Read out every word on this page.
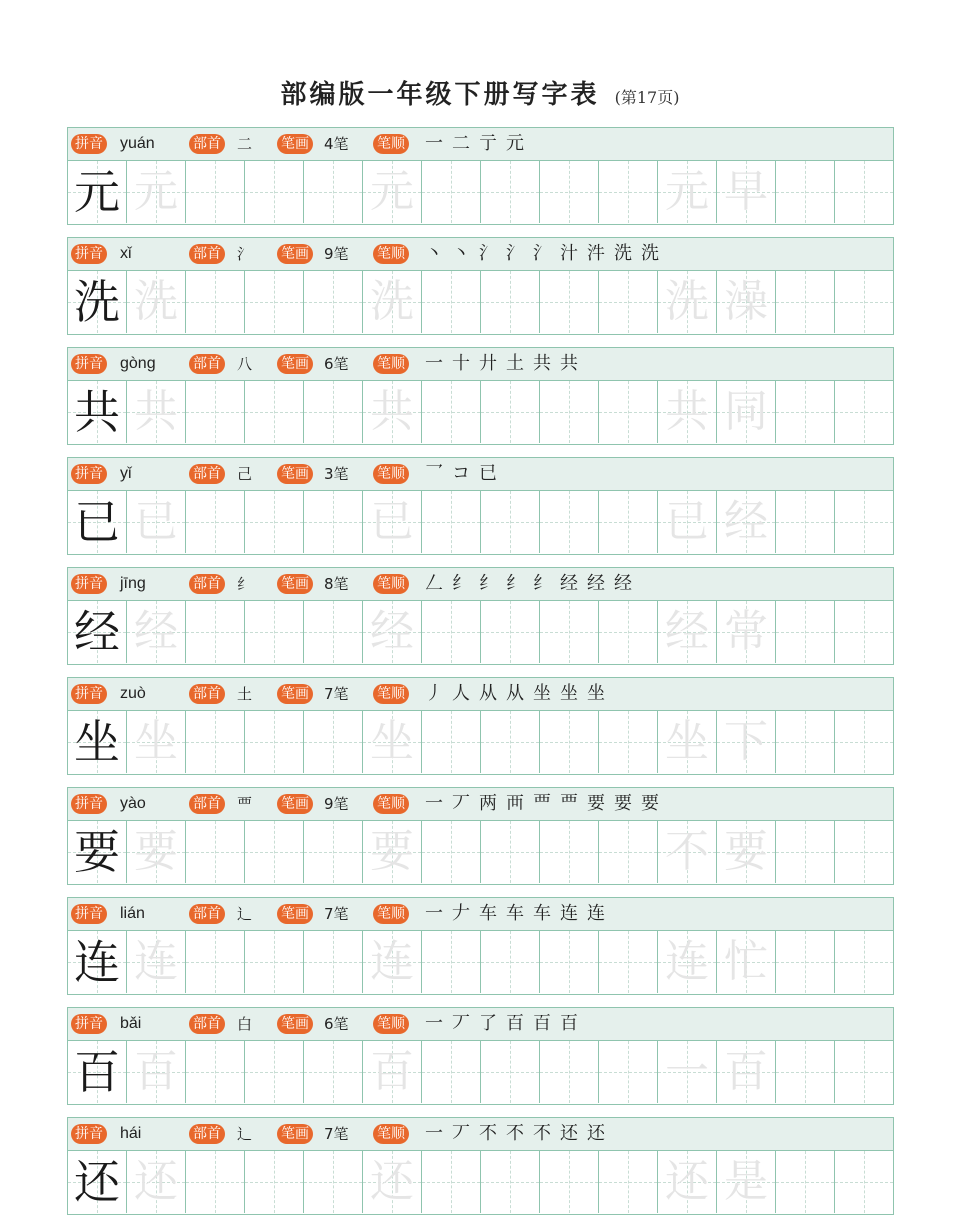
部编版一年级下册写字表 (第17页)
拼音 yuán	部首 二 笔画 4笔 笔顺 一 二 亍 元
元 元	元	元 早
拼音 xǐ	部首 氵 笔画 9笔 笔顺 丶 丶 氵 氵 氵 汁 汼 洗 洗
洗 洗	洗	洗 澡
拼音 gòng	部首 八 笔画 6笔 笔顺 一 十 廾 土 共 共
共 共	共	共 同
拼音 yǐ	部首 己 笔画 3笔 笔顺 乛 コ 已
已 已	已	已 经
拼音 jīng	部首 纟 笔画 8笔 笔顺 𠃋 纟 纟 纟 纟 经 经 经
经 经	经	经 常
拼音 zuò	部首 土 笔画 7笔 笔顺 丿 人 从 从 坐 坐 坐
坐 坐	坐	坐 下
拼音 yào	部首 覀 笔画 9笔 笔顺 一 丆 两 襾 覀 覀 要 要 要
要 要	要	不 要
拼音 lián	部首 辶 笔画 7笔 笔顺 一 𠂇 车 车 车 连 连
连 连	连	连 忙
拼音 bǎi	部首 白 笔画 6笔 笔顺 一 丆 了 百 百 百
百 百	百	一 百
拼音 hái	部首 辶 笔画 7笔 笔顺 一 丆 不 不 不 还 还
还 还	还	还 是
